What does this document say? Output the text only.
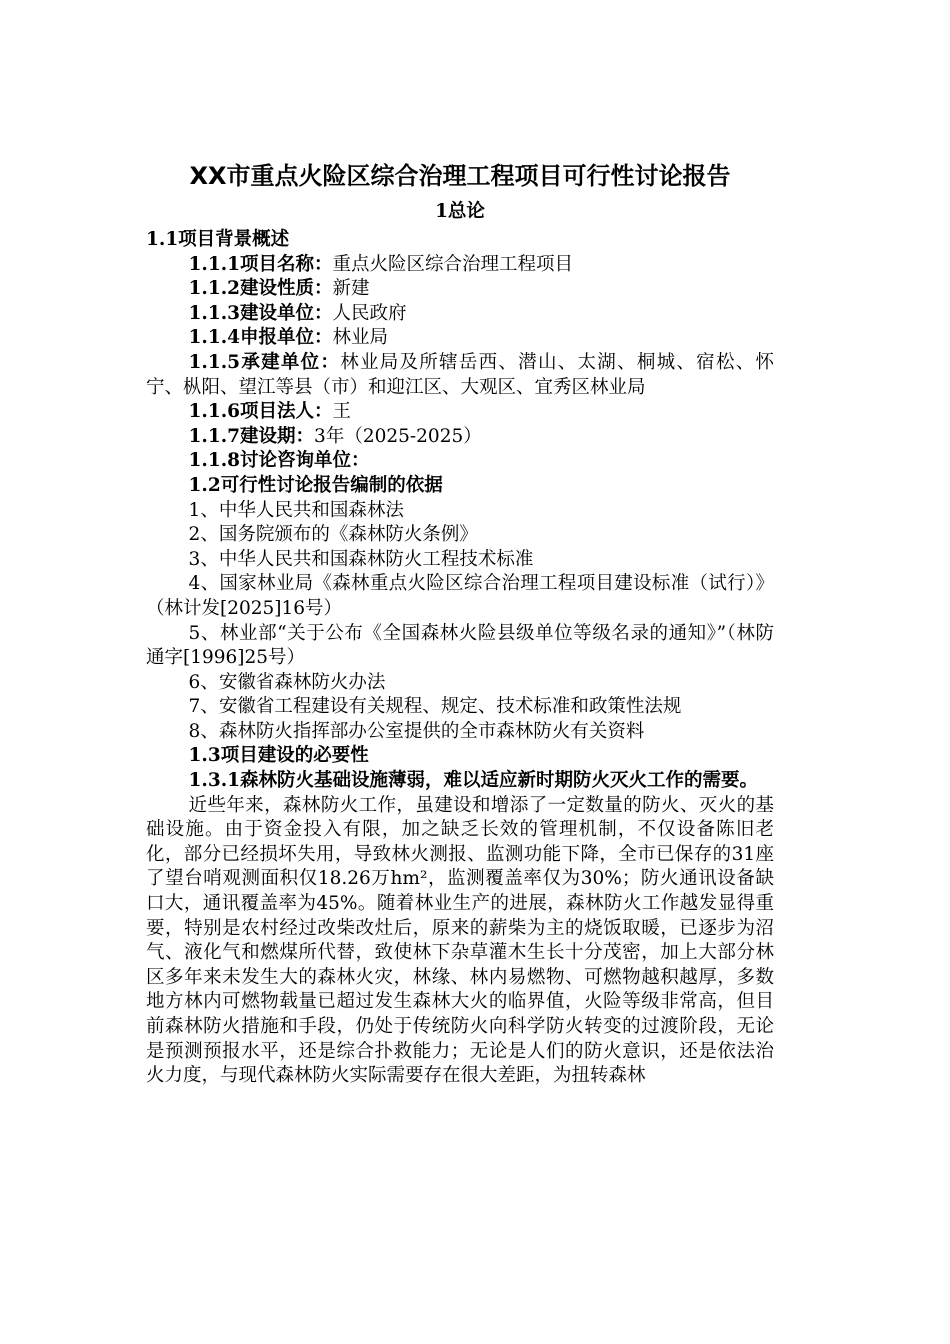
XX市重点火险区综合治理工程项目可行性讨论报告
1总论

1.1项目背景概述

1.1.1项目名称：重点火险区综合治理工程项目

1.1.2建设性质：新建

1.1.3建设单位：人民政府

1.1.4申报单位：林业局

1.1.5承建单位：林业局及所辖岳西、潜山、太湖、桐城、宿松、怀宁、枞阳、望江等县（市）和迎江区、大观区、宜秀区林业局

1.1.6项目法人：王

1.1.7建设期：3年（2025-2025）

1.1.8讨论咨询单位：

1.2可行性讨论报告编制的依据

1、中华人民共和国森林法

2、国务院颁布的《森林防火条例》

3、中华人民共和国森林防火工程技术标准

4、国家林业局《森林重点火险区综合治理工程项目建设标准（试行）》（林计发[2025]16号）

5、林业部“关于公布《全国森林火险县级单位等级名录的通知》”（林防通字[1996]25号）

6、安徽省森林防火办法

7、安徽省工程建设有关规程、规定、技术标准和政策性法规

8、森林防火指挥部办公室提供的全市森林防火有关资料

1.3项目建设的必要性

1.3.1森林防火基础设施薄弱，难以适应新时期防火灭火工作的需要。

近些年来，森林防火工作，虽建设和增添了一定数量的防火、灭火的基础设施。由于资金投入有限，加之缺乏长效的管理机制，不仅设备陈旧老化，部分已经损坏失用，导致林火测报、监测功能下降，全市已保存的31座了望台哨观测面积仅18.26万hm²，监测覆盖率仅为30%；防火通讯设备缺口大，通讯覆盖率为45%。随着林业生产的进展，森林防火工作越发显得重要，特别是农村经过改柴改灶后，原来的薪柴为主的烧饭取暖，已逐步为沼气、液化气和燃煤所代替，致使林下杂草灌木生长十分茂密，加上大部分林区多年来未发生大的森林火灾，林缘、林内易燃物、可燃物越积越厚，多数地方林内可燃物载量已超过发生森林大火的临界值，火险等级非常高，但目前森林防火措施和手段，仍处于传统防火向科学防火转变的过渡阶段，无论是预测预报水平，还是综合扑救能力；无论是人们的防火意识，还是依法治火力度，与现代森林防火实际需要存在很大差距，为扭转森林
